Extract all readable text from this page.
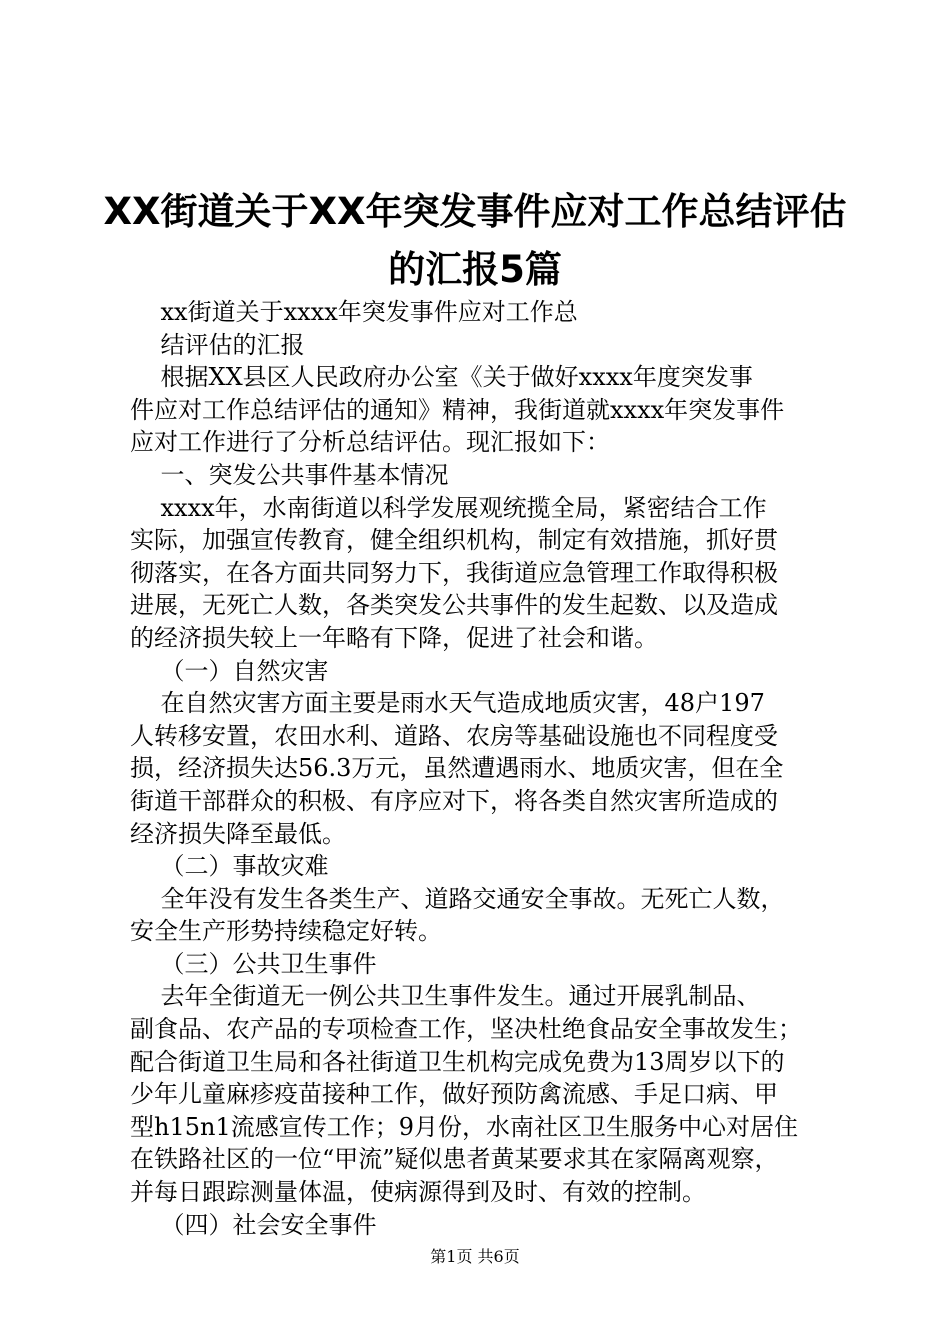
XX街道关于XX年突发事件应对工作总结评估
的汇报5篇

xx街道关于xxxx年突发事件应对工作总

结评估的汇报

根据XX县区人民政府办公室《关于做好xxxx年度突发事

件应对工作总结评估的通知》精神，我街道就xxxx年突发事件

应对工作进行了分析总结评估。现汇报如下：

一、突发公共事件基本情况

xxxx年，水南街道以科学发展观统揽全局，紧密结合工作

实际，加强宣传教育，健全组织机构，制定有效措施，抓好贯

彻落实，在各方面共同努力下，我街道应急管理工作取得积极

进展，无死亡人数，各类突发公共事件的发生起数、以及造成

的经济损失较上一年略有下降，促进了社会和谐。

（一）自然灾害

在自然灾害方面主要是雨水天气造成地质灾害，48户197

人转移安置，农田水利、道路、农房等基础设施也不同程度受

损，经济损失达56.3万元，虽然遭遇雨水、地质灾害，但在全

街道干部群众的积极、有序应对下，将各类自然灾害所造成的

经济损失降至最低。

（二）事故灾难

全年没有发生各类生产、道路交通安全事故。无死亡人数，

安全生产形势持续稳定好转。

（三）公共卫生事件

去年全街道无一例公共卫生事件发生。通过开展乳制品、

副食品、农产品的专项检查工作，坚决杜绝食品安全事故发生；

配合街道卫生局和各社街道卫生机构完成免费为13周岁以下的

少年儿童麻疹疫苗接种工作，做好预防禽流感、手足口病、甲

型h15n1流感宣传工作；9月份，水南社区卫生服务中心对居住

在铁路社区的一位“甲流”疑似患者黄某要求其在家隔离观察，

并每日跟踪测量体温，使病源得到及时、有效的控制。

（四）社会安全事件

第1页 共6页
